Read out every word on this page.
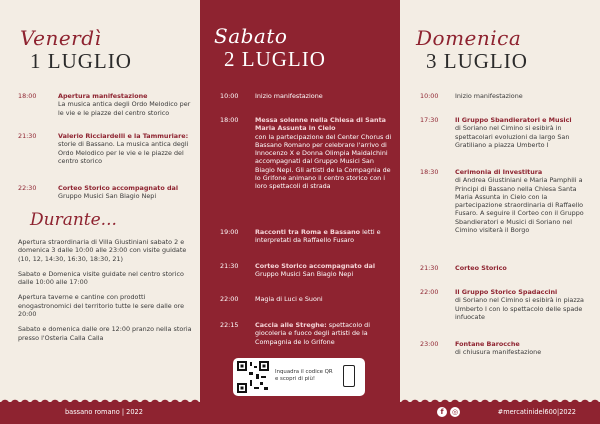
Venerdì
1 LUGLIO
18:00	Apertura manifestazione
La musica antica degli Ordo Melodico per le vie e le piazze del centro storico
21:30	Valerio Ricciardelli e la Tammuriare:
storie di Bassano. La musica antica degli Ordo Melodico per le vie e le piazze del centro storico
22:30	Corteo Storico accompagnato dal
Gruppo Musici San Biagio Nepi
Durante...
Apertura straordinaria di Villa Giustiniani sabato 2 e domenica 3 dalle 10:00 alle 23:00 con visite guidate (10, 12, 14:30, 16:30, 18:30, 21)
Sabato e Domenica visite guidate nel centro storico dalle 10:00 alle 17:00
Apertura taverne e cantine con prodotti enogastronomici del territorio tutte le sere dalle ore 20:00
Sabato e domenica dalle ore 12:00 pranzo nella storia presso l'Osteria Calla Calla
bassano romano | 2022
Sabato
2 LUGLIO
10:00	Inizio manifestazione
18:00	Messa solenne nella Chiesa di Santa Maria Assunta in Cielo
con la partecipazione del Center Chorus di Bassano Romano per celebrare l'arrivo di Innocenzo X e Donna Olimpia Maidalchini accompagnati dal Gruppo Musici San Biagio Nepi. Gli artisti de la Compagnia de lo Grifone animano il centro storico con i loro spettacoli di strada
19:00	Racconti tra Roma e Bassano letti e interpretati da Raffaello Fusaro
21:30	Corteo Storico accompagnato dal
Gruppo Musici San Biagio Nepi
22:00	Magia di Luci e Suoni
22:15	Caccia alle Streghe: spettacolo di giocoleria e fuoco degli artisti de la Compagnia de lo Grifone
Inquadra il codice QR e scopri di più!
Domenica
3 LUGLIO
10:00	Inizio manifestazione
17:30	Il Gruppo Sbandieratori e Musici
di Soriano nel Cimino si esibirà in spettacolari evoluzioni da largo San Gratiliano a piazza Umberto I
18:30	Cerimonia di Investitura
di Andrea Giustiniani e Maria Pamphili a Principi di Bassano nella Chiesa Santa Maria Assunta in Cielo con la partecipazione straordinaria di Raffaello Fusaro. A seguire il Corteo con il Gruppo Sbandieratori e Musici di Soriano nel Cimino visiterà il Borgo
21:30	Corteo Storico
22:00	Il Gruppo Storico Spadaccini
di Soriano nel Cimino si esibirà in piazza Umberto I con lo spettacolo delle spade infuocate
23:00	Fontane Barocche
di chiusura manifestazione
f	◎	#mercatinidel600|2022
